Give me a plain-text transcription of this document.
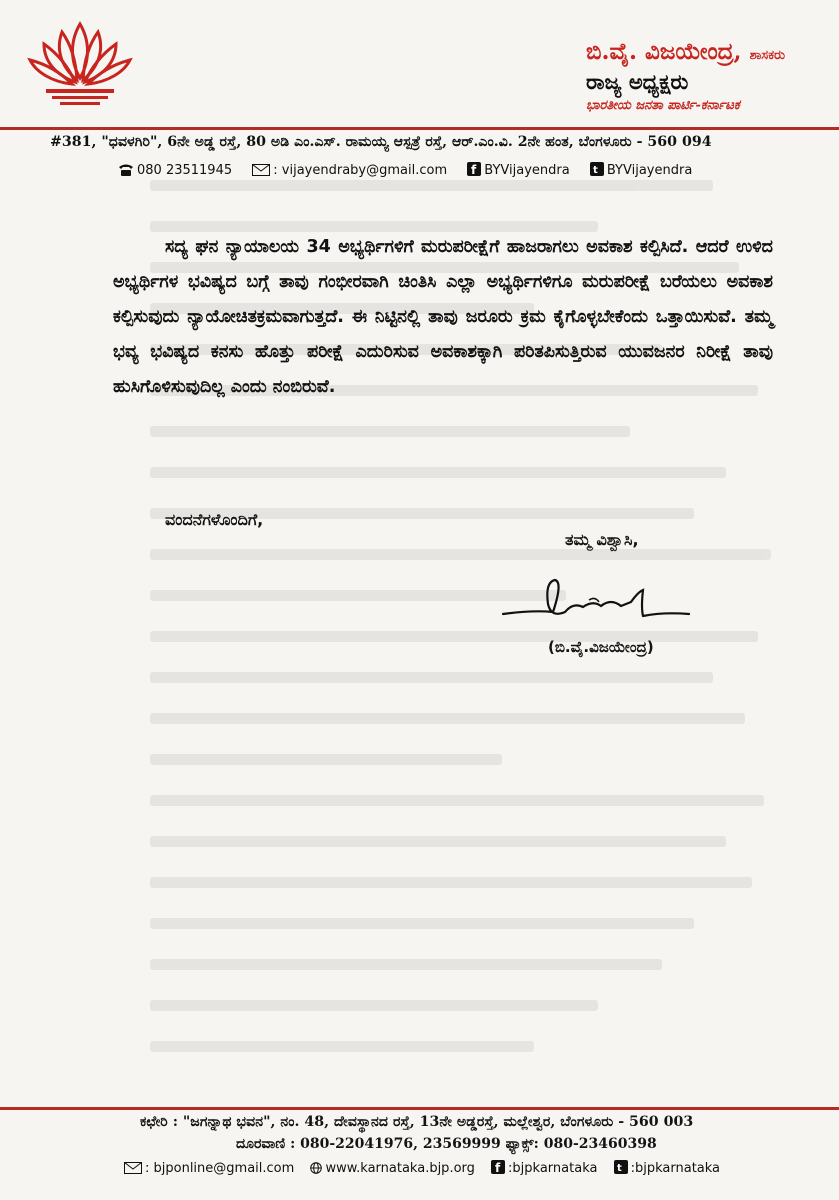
ಬಿ.ವೈ. ವಿಜಯೇಂದ್ರ, ಶಾಸಕರು
ರಾಜ್ಯ ಅಧ್ಯಕ್ಷರು
ಭಾರತೀಯ ಜನತಾ ಪಾರ್ಟಿ-ಕರ್ನಾಟಕ
#381, "ಧವಳಗಿರಿ", 6ನೇ ಅಡ್ಡ ರಸ್ತೆ, 80 ಅಡಿ ಎಂ.ಎಸ್. ರಾಮಯ್ಯ ಆಸ್ಪತ್ರೆ ರಸ್ತೆ, ಆರ್.ಎಂ.ವಿ. 2ನೇ ಹಂತ, ಬೆಂಗಳೂರು - 560 094
080 23511945	: vijayendraby@gmail.com f BYVijayendra t BYVijayendra

ಸದ್ಯ ಘನ ನ್ಯಾಯಾಲಯ 34 ಅಭ್ಯರ್ಥಿಗಳಿಗೆ ಮರುಪರೀಕ್ಷೆಗೆ ಹಾಜರಾಗಲು ಅವಕಾಶ ಕಲ್ಪಿಸಿದೆ. ಆದರೆ ಉಳಿದ ಅಭ್ಯರ್ಥಿಗಳ ಭವಿಷ್ಯದ ಬಗ್ಗೆ ತಾವು ಗಂಭೀರವಾಗಿ ಚಿಂತಿಸಿ ಎಲ್ಲಾ ಅಭ್ಯರ್ಥಿಗಳಿಗೂ ಮರುಪರೀಕ್ಷೆ ಬರೆಯಲು ಅವಕಾಶ ಕಲ್ಪಿಸುವುದು ನ್ಯಾಯೋಚಿತಕ್ರಮವಾಗುತ್ತದೆ. ಈ ನಿಟ್ಟಿನಲ್ಲಿ ತಾವು ಜರೂರು ಕ್ರಮ ಕೈಗೊಳ್ಳಬೇಕೆಂದು ಒತ್ತಾಯಿಸುವೆ. ತಮ್ಮ ಭವ್ಯ ಭವಿಷ್ಯದ ಕನಸು ಹೊತ್ತು ಪರೀಕ್ಷೆ ಎದುರಿಸುವ ಅವಕಾಶಕ್ಕಾಗಿ ಪರಿತಪಿಸುತ್ತಿರುವ ಯುವಜನರ ನಿರೀಕ್ಷೆ ತಾವು ಹುಸಿಗೊಳಿಸುವುದಿಲ್ಲ ಎಂದು ನಂಬಿರುವೆ.

ವಂದನೆಗಳೊಂದಿಗೆ,
ತಮ್ಮ ವಿಶ್ವಾಸಿ,
(ಬಿ.ವೈ.ವಿಜಯೇಂದ್ರ)
ಕಛೇರಿ : "ಜಗನ್ನಾಥ ಭವನ", ನಂ. 48, ದೇವಸ್ಥಾನದ ರಸ್ತೆ, 13ನೇ ಅಡ್ಡರಸ್ತೆ, ಮಲ್ಲೇಶ್ವರ, ಬೆಂಗಳೂರು - 560 003
ದೂರವಾಣಿ : 080-22041976, 23569999 ಫ್ಯಾಕ್ಸ್: 080-23460398
: bjponline@gmail.com www.karnataka.bjp.org f :bjpkarnataka t :bjpkarnataka
